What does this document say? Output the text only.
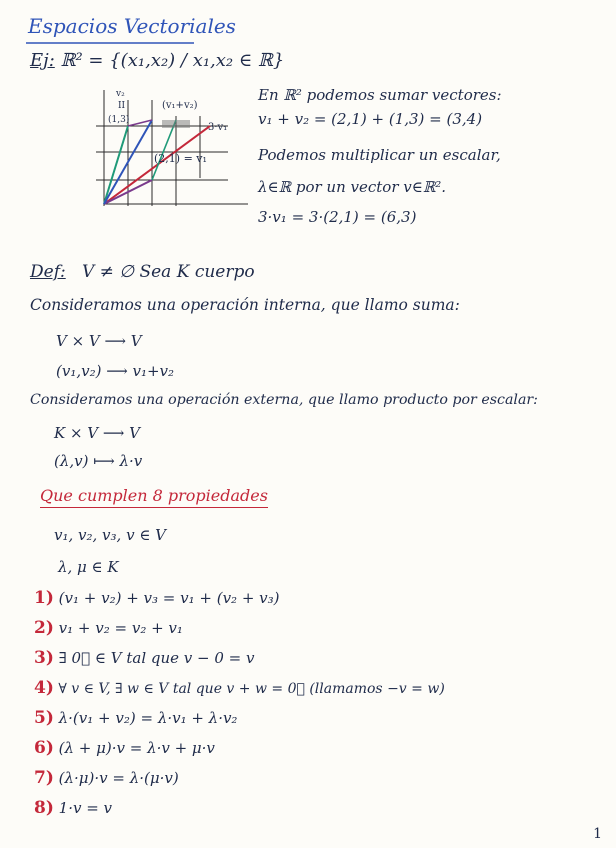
Espacios Vectoriales
Ej: ℝ² = {(x₁,x₂) / x₁,x₂ ∈ ℝ}
v₂
II	(v₁+v₂)
(1,3)
3·v₁
(2,1) = v₁
En ℝ² podemos sumar vectores:
v₁ + v₂ = (2,1) + (1,3) = (3,4)
Podemos multiplicar un escalar,
λ∈ℝ por un vector v∈ℝ².
3·v₁ = 3·(2,1) = (6,3)
Def: V ≠ ∅ Sea K cuerpo
Consideramos una operación interna, que llamo suma:
V × V ⟶ V
(v₁,v₂) ⟶ v₁+v₂
Consideramos una operación externa, que llamo producto por escalar:
K × V ⟶ V
(λ,v) ⟼ λ·v
Que cumplen 8 propiedades
v₁, v₂, v₃, v ∈ V
λ, μ ∈ K
1) (v₁ + v₂) + v₃ = v₁ + (v₂ + v₃)
2) v₁ + v₂ = v₂ + v₁
3) ∃ 0⃗ ∈ V tal que v − 0 = v
4) ∀ v ∈ V, ∃ w ∈ V tal que v + w = 0⃗ (llamamos −v = w)
5) λ·(v₁ + v₂) = λ·v₁ + λ·v₂
6) (λ + μ)·v = λ·v + μ·v
7) (λ·μ)·v = λ·(μ·v)
8) 1·v = v
1
